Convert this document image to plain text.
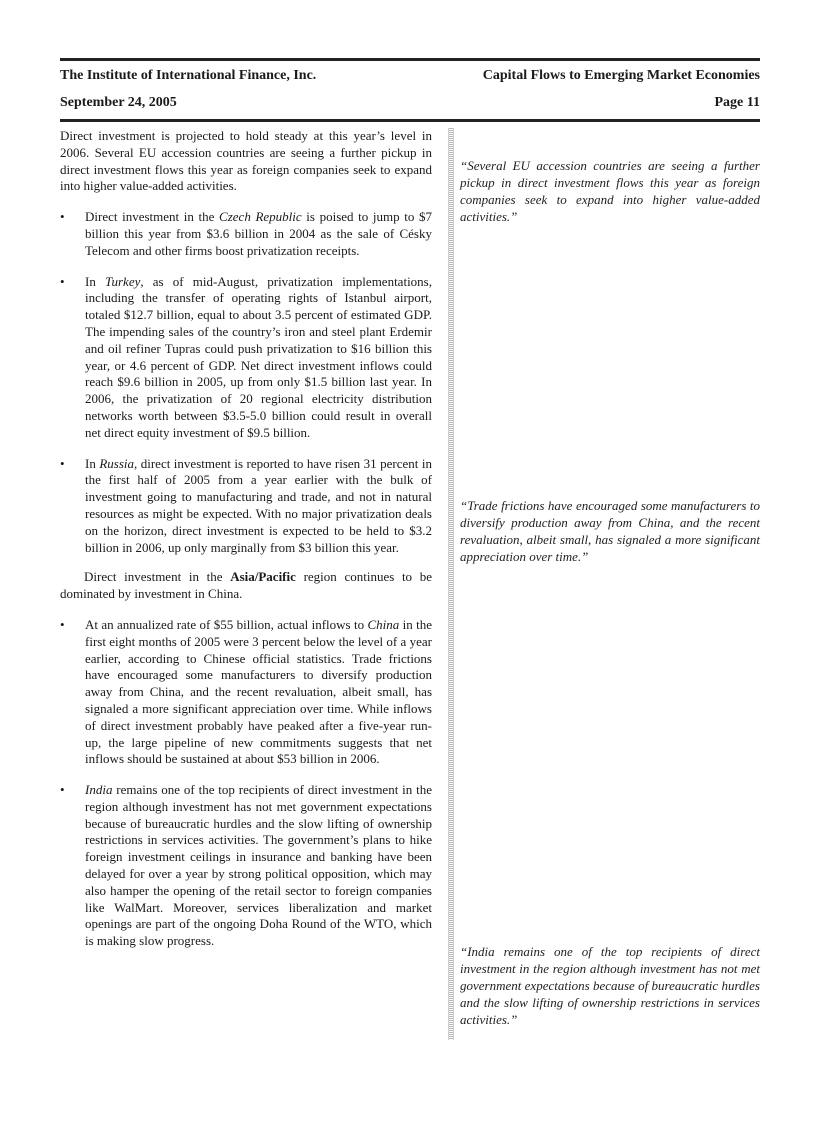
The Institute of International Finance, Inc.	Capital Flows to Emerging Market Economies
September 24, 2005	Page 11

Direct investment is projected to hold steady at this year’s level in 2006. Several EU accession countries are seeing a further pickup in direct investment flows this year as foreign companies seek to expand into higher value-added activities.

•	Direct investment in the Czech Republic is poised to jump to $7 billion this year from $3.6 billion in 2004 as the sale of Césky Telecom and other firms boost privatization receipts.
•	In Turkey, as of mid-August, privatization implementations, including the transfer of operating rights of Istanbul airport, totaled $12.7 billion, equal to about 3.5 percent of estimated GDP. The impending sales of the country’s iron and steel plant Erdemir and oil refiner Tupras could push privatization to $16 billion this year, or 4.6 percent of GDP. Net direct investment inflows could reach $9.6 billion in 2005, up from only $1.5 billion last year. In 2006, the privatization of 20 regional electricity distribution networks worth between $3.5-5.0 billion could result in overall net direct equity investment of $9.5 billion.
•	In Russia, direct investment is reported to have risen 31 percent in the first half of 2005 from a year earlier with the bulk of investment going to manufacturing and trade, and not in natural resources as might be expected. With no major privatization deals on the horizon, direct investment is expected to be held to $3.2 billion in 2006, up only marginally from $3 billion this year.

Direct investment in the Asia/Pacific region continues to be dominated by investment in China.

•	At an annualized rate of $55 billion, actual inflows to China in the first eight months of 2005 were 3 percent below the level of a year earlier, according to Chinese official statistics. Trade frictions have encouraged some manufacturers to diversify production away from China, and the recent revaluation, albeit small, has signaled a more significant appreciation over time. While inflows of direct investment probably have peaked after a five-year run-up, the large pipeline of new commitments suggests that net inflows should be sustained at about $53 billion in 2006.
•	India remains one of the top recipients of direct investment in the region although investment has not met government expectations because of bureaucratic hurdles and the slow lifting of ownership restrictions in services activities. The government’s plans to hike foreign investment ceilings in insurance and banking have been delayed for over a year by strong political opposition, which may also hamper the opening of the retail sector to foreign companies like WalMart. Moreover, services liberalization and market openings are part of the ongoing Doha Round of the WTO, which is making slow progress.
“Several EU accession countries are seeing a further pickup in direct investment flows this year as foreign companies seek to expand into higher value-added activities.”
“Trade frictions have encouraged some manufacturers to diversify production away from China, and the recent revaluation, albeit small, has signaled a more significant appreciation over time.”
“India remains one of the top recipients of direct investment in the region although investment has not met government expectations because of bureaucratic hurdles and the slow lifting of ownership restrictions in services activities.”
